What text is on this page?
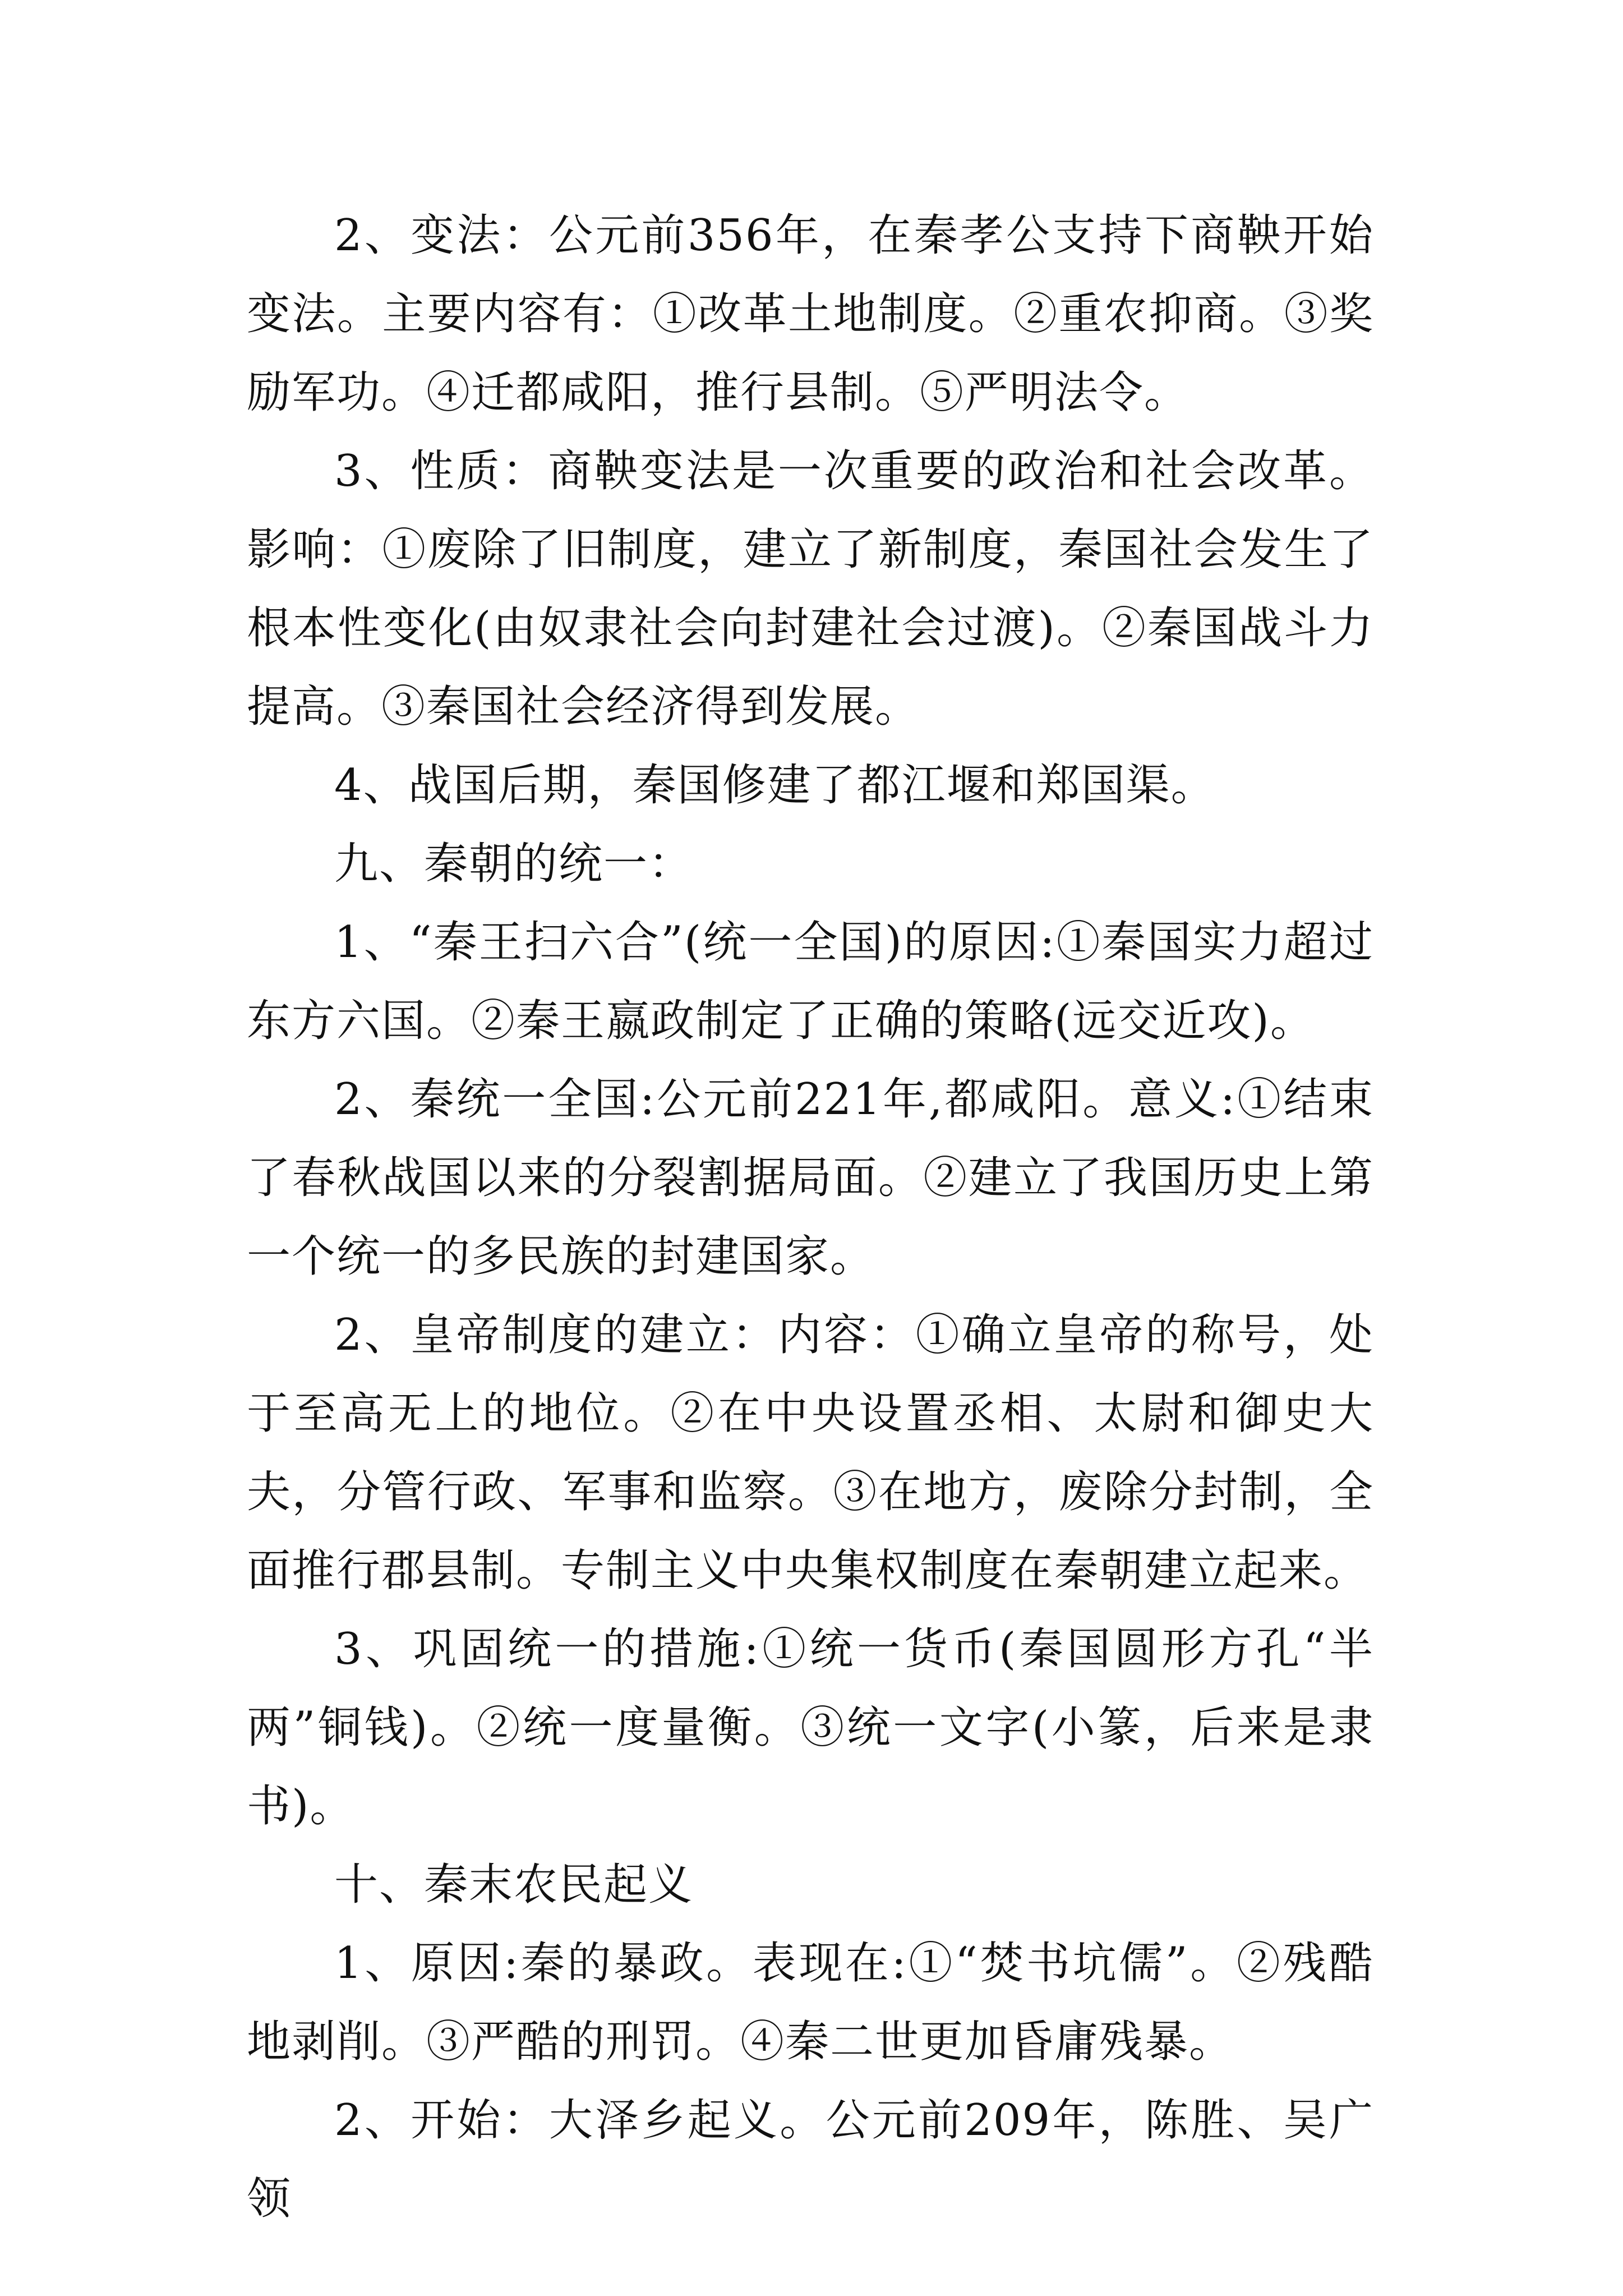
2、变法：公元前356年，在秦孝公支持下商鞅开始变法。主要内容有：①改革土地制度。②重农抑商。③奖励军功。④迁都咸阳，推行县制。⑤严明法令。

3、性质：商鞅变法是一次重要的政治和社会改革。影响：①废除了旧制度，建立了新制度，秦国社会发生了根本性变化(由奴隶社会向封建社会过渡)。②秦国战斗力提高。③秦国社会经济得到发展。

4、战国后期，秦国修建了都江堰和郑国渠。

九、秦朝的统一：

1、“秦王扫六合”(统一全国)的原因:①秦国实力超过东方六国。②秦王嬴政制定了正确的策略(远交近攻)。

2、秦统一全国:公元前221年,都咸阳。意义:①结束了春秋战国以来的分裂割据局面。②建立了我国历史上第一个统一的多民族的封建国家。

2、皇帝制度的建立：内容：①确立皇帝的称号，处于至高无上的地位。②在中央设置丞相、太尉和御史大夫，分管行政、军事和监察。③在地方，废除分封制，全面推行郡县制。专制主义中央集权制度在秦朝建立起来。

3、巩固统一的措施:①统一货币(秦国圆形方孔“半两”铜钱)。②统一度量衡。③统一文字(小篆，后来是隶书)。

十、秦末农民起义

1、原因:秦的暴政。表现在:①“焚书坑儒”。②残酷地剥削。③严酷的刑罚。④秦二世更加昏庸残暴。

2、开始：大泽乡起义。公元前209年，陈胜、吴广领
